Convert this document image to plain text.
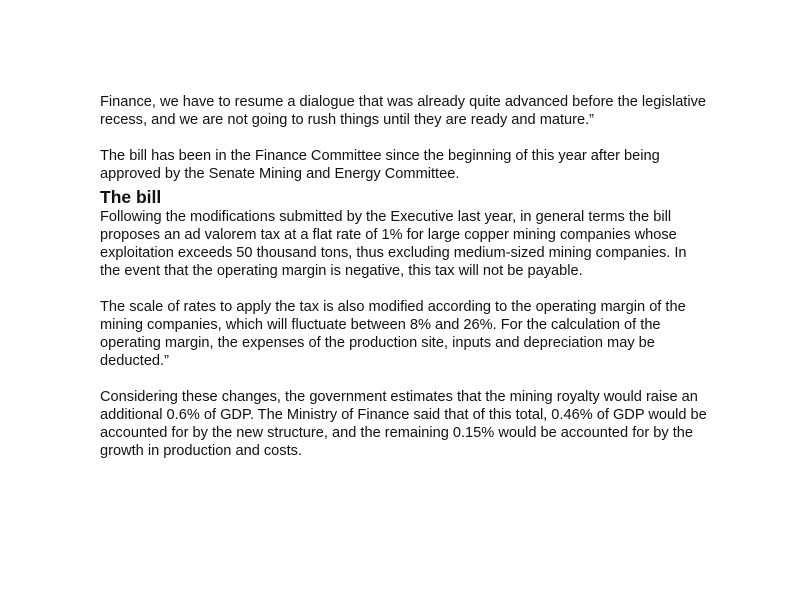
Finance, we have to resume a dialogue that was already quite advanced before the legislative recess, and we are not going to rush things until they are ready and mature.”

The bill has been in the Finance Committee since the beginning of this year after being approved by the Senate Mining and Energy Committee.

The bill

Following the modifications submitted by the Executive last year, in general terms the bill proposes an ad valorem tax at a flat rate of 1% for large copper mining companies whose exploitation exceeds 50 thousand tons, thus excluding medium-sized mining companies. In the event that the operating margin is negative, this tax will not be payable.

The scale of rates to apply the tax is also modified according to the operating margin of the mining companies, which will fluctuate between 8% and 26%. For the calculation of the operating margin, the expenses of the production site, inputs and depreciation may be deducted.”

Considering these changes, the government estimates that the mining royalty would raise an additional 0.6% of GDP. The Ministry of Finance said that of this total, 0.46% of GDP would be accounted for by the new structure, and the remaining 0.15% would be accounted for by the growth in production and costs.
